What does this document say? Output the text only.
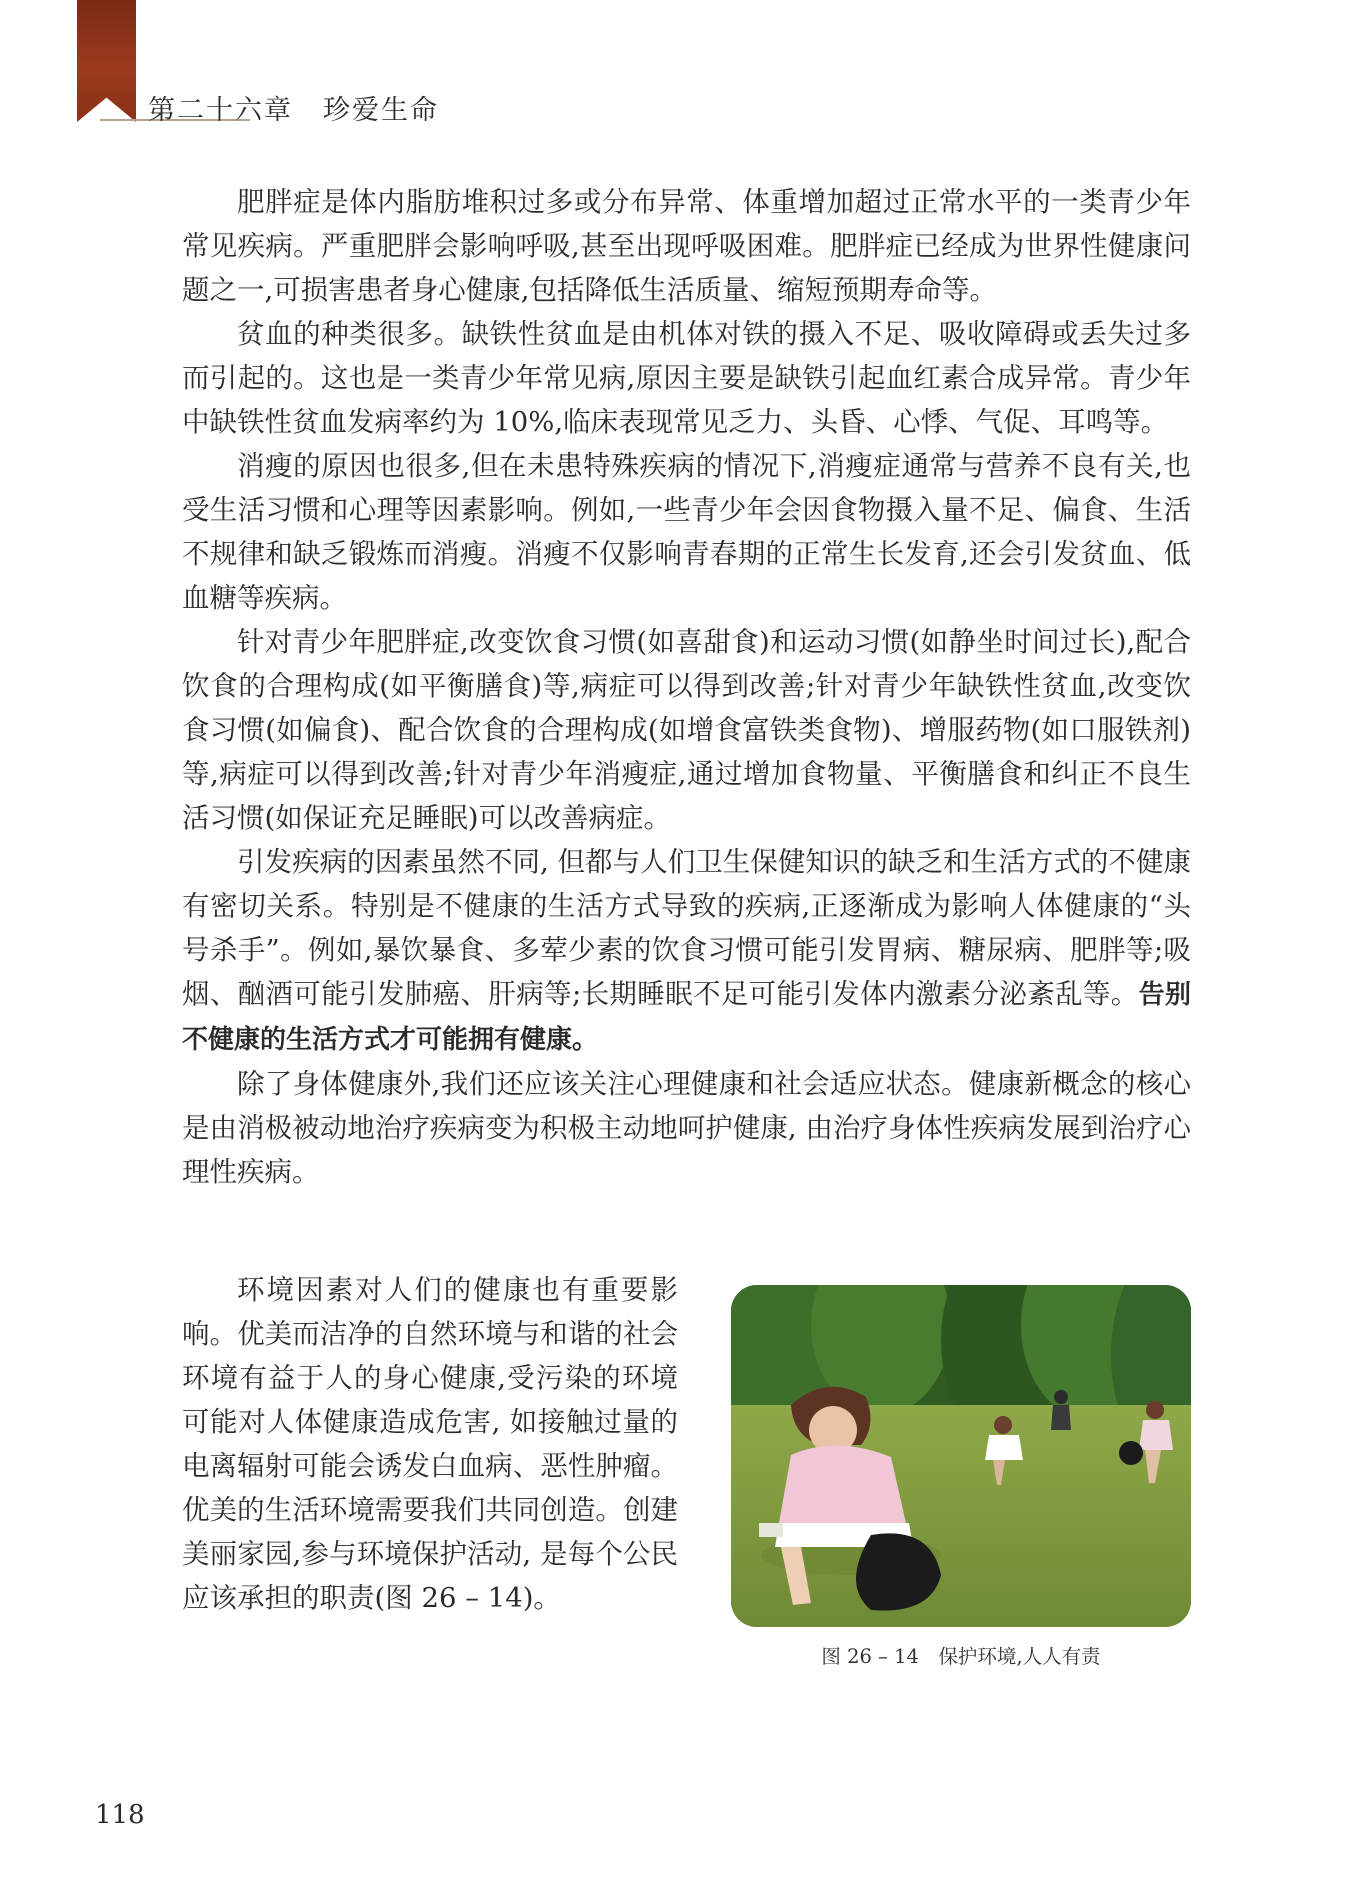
第二十六章 珍爱生命

肥胖症是体内脂肪堆积过多或分布异常、体重增加超过正常水平的一类青少年常见疾病。严重肥胖会影响呼吸,甚至出现呼吸困难。肥胖症已经成为世界性健康问题之一,可损害患者身心健康,包括降低生活质量、缩短预期寿命等。

贫血的种类很多。缺铁性贫血是由机体对铁的摄入不足、吸收障碍或丢失过多而引起的。这也是一类青少年常见病,原因主要是缺铁引起血红素合成异常。青少年中缺铁性贫血发病率约为 10%,临床表现常见乏力、头昏、心悸、气促、耳鸣等。

消瘦的原因也很多,但在未患特殊疾病的情况下,消瘦症通常与营养不良有关,也受生活习惯和心理等因素影响。例如,一些青少年会因食物摄入量不足、偏食、生活不规律和缺乏锻炼而消瘦。消瘦不仅影响青春期的正常生长发育,还会引发贫血、低血糖等疾病。

针对青少年肥胖症,改变饮食习惯(如喜甜食)和运动习惯(如静坐时间过长),配合饮食的合理构成(如平衡膳食)等,病症可以得到改善;针对青少年缺铁性贫血,改变饮食习惯(如偏食)、配合饮食的合理构成(如增食富铁类食物)、增服药物(如口服铁剂)等,病症可以得到改善;针对青少年消瘦症,通过增加食物量、平衡膳食和纠正不良生活习惯(如保证充足睡眠)可以改善病症。

引发疾病的因素虽然不同, 但都与人们卫生保健知识的缺乏和生活方式的不健康有密切关系。特别是不健康的生活方式导致的疾病,正逐渐成为影响人体健康的“头号杀手”。例如,暴饮暴食、多荤少素的饮食习惯可能引发胃病、糖尿病、肥胖等;吸烟、酗酒可能引发肺癌、肝病等;长期睡眠不足可能引发体内激素分泌紊乱等。告别不健康的生活方式才可能拥有健康。

除了身体健康外,我们还应该关注心理健康和社会适应状态。健康新概念的核心是由消极被动地治疗疾病变为积极主动地呵护健康, 由治疗身体性疾病发展到治疗心理性疾病。

环境因素对人们的健康也有重要影响。优美而洁净的自然环境与和谐的社会环境有益于人的身心健康,受污染的环境可能对人体健康造成危害, 如接触过量的电离辐射可能会诱发白血病、恶性肿瘤。优美的生活环境需要我们共同创造。创建美丽家园,参与环境保护活动, 是每个公民应该承担的职责(图 26 – 14)。

图 26 – 14　保护环境,人人有责
118
